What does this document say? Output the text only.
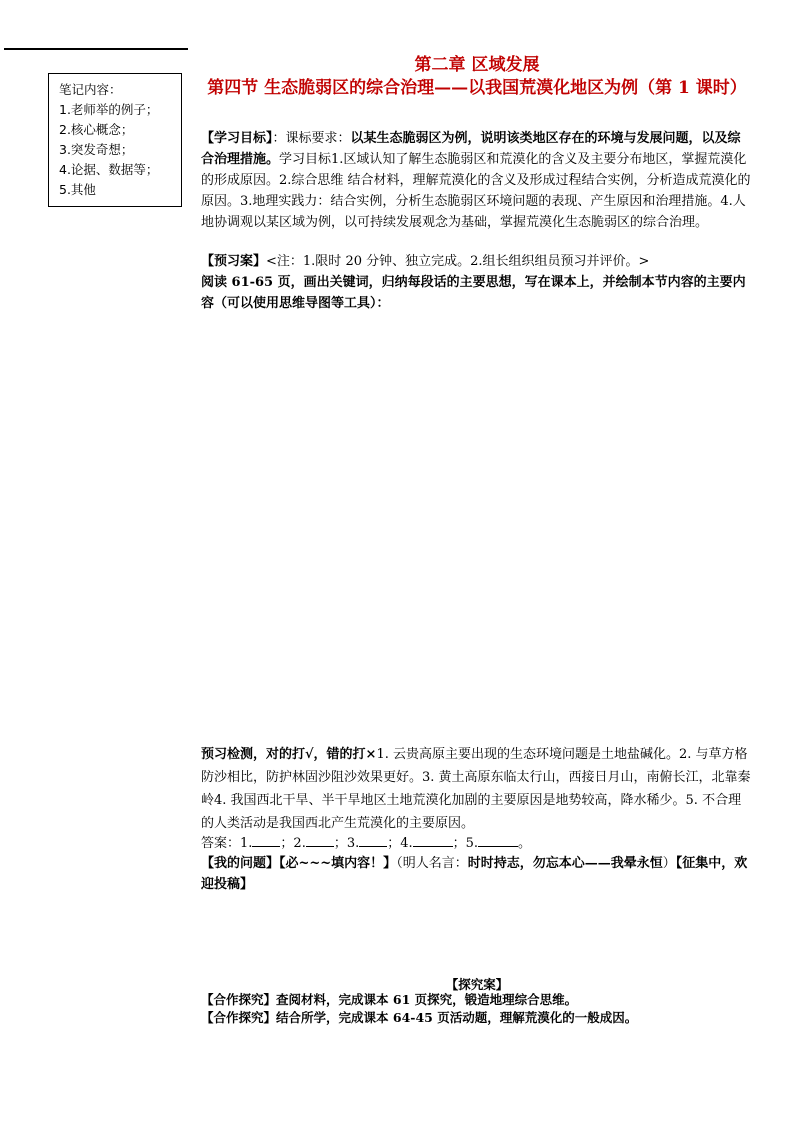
笔记内容：
1.老师举的例子；
2.核心概念；
3.突发奇想；
4.论据、数据等；
5.其他
第二章 区域发展
第四节 生态脆弱区的综合治理——以我国荒漠化地区为例（第 1 课时）
【学习目标】：课标要求：以某生态脆弱区为例，说明该类地区存在的环境与发展问题，以及综合治理措施。学习目标1.区域认知了解生态脆弱区和荒漠化的含义及主要分布地区，掌握荒漠化的形成原因。2.综合思维 结合材料，理解荒漠化的含义及形成过程结合实例，分析造成荒漠化的原因。3.地理实践力：结合实例，分析生态脆弱区环境问题的表现、产生原因和治理措施。4.人地协调观以某区域为例，以可持续发展观念为基础，掌握荒漠化生态脆弱区的综合治理。
【预习案】<注：1.限时 20 分钟、独立完成。2.组长组织组员预习并评价。>
阅读 61-65 页，画出关键词，归纳每段话的主要思想，写在课本上，并绘制本节内容的主要内容（可以使用思维导图等工具）：
预习检测，对的打√，错的打×1. 云贵高原主要出现的生态环境问题是土地盐碱化。2. 与草方格防沙相比，防护林固沙阻沙效果更好。3. 黄土高原东临太行山，西接日月山，南俯长江，北靠秦岭4. 我国西北干旱、半干旱地区土地荒漠化加剧的主要原因是地势较高，降水稀少。5. 不合理的人类活动是我国西北产生荒漠化的主要原因。
答案：1. ；2. ；3. ；4.	；5.	。
【我的问题】【必~~~填内容！】（明人名言：时时持志，勿忘本心——我晕永恒）【征集中，欢迎投稿】
【探究案】
【合作探究】查阅材料，完成课本 61 页探究，锻造地理综合思维。
【合作探究】结合所学，完成课本 64-45 页活动题，理解荒漠化的一般成因。
